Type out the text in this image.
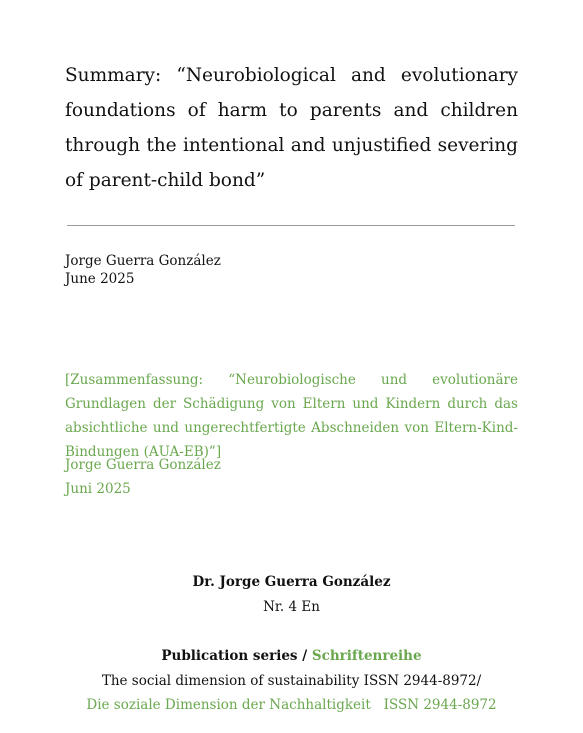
Summary: “Neurobiological and evolutionary foundations of harm to parents and children through the intentional and unjustified severing of parent-child bond”
Jorge Guerra González
June 2025
[Zusammenfassung: “Neurobiologische und evolutionäre Grundlagen der Schädigung von Eltern und Kindern durch das absichtliche und ungerechtfertigte Abschneiden von Eltern-Kind-Bindungen (AUA-EB)”]
Jorge Guerra González
Juni 2025
Dr. Jorge Guerra González
Nr. 4 En
Publication series / Schriftenreihe
The social dimension of sustainability ISSN 2944-8972/
Die soziale Dimension der Nachhaltigkeit   ISSN 2944-8972
